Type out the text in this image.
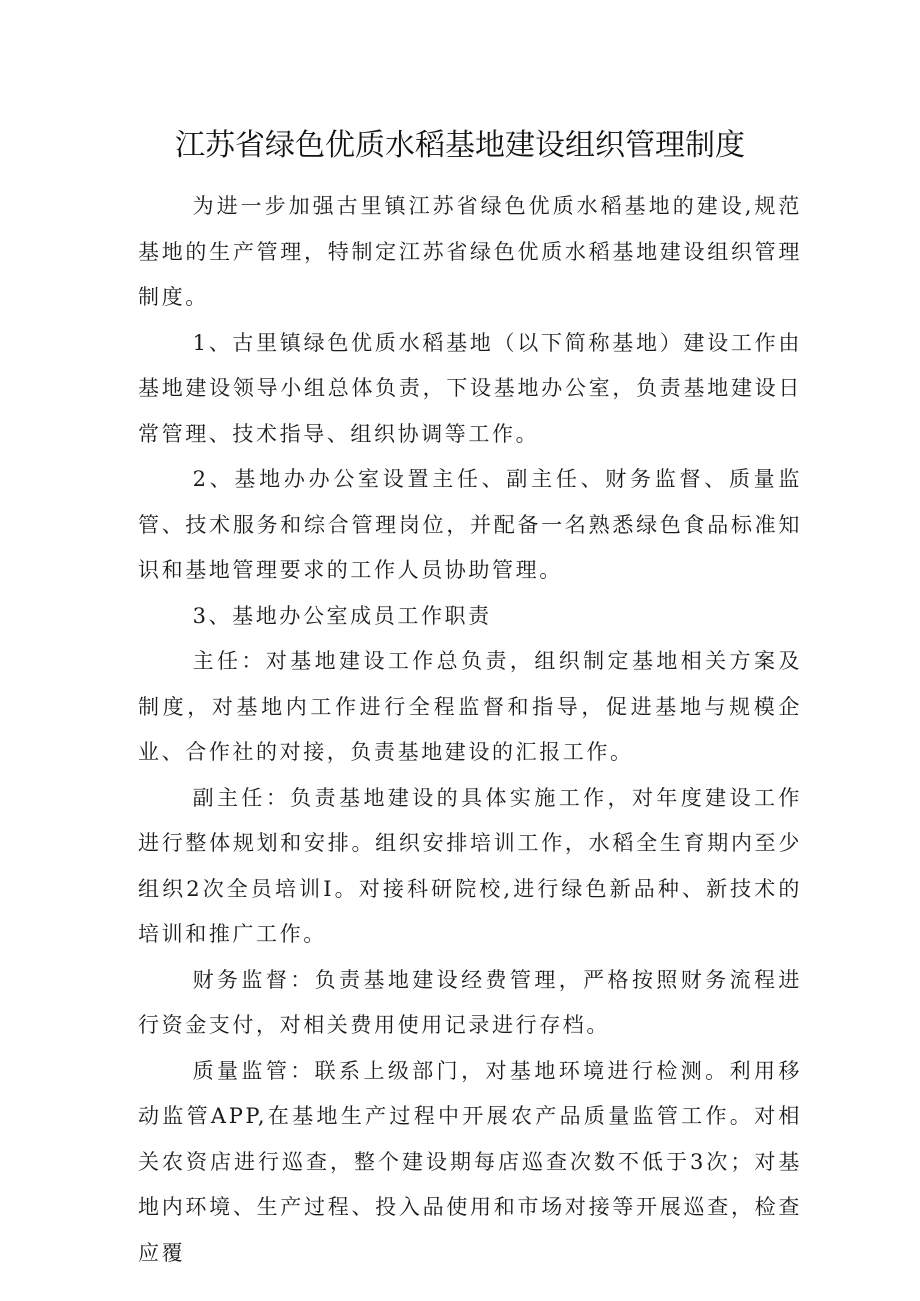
江苏省绿色优质水稻基地建设组织管理制度

为进一步加强古里镇江苏省绿色优质水稻基地的建设,规范基地的生产管理，特制定江苏省绿色优质水稻基地建设组织管理制度。

1、古里镇绿色优质水稻基地（以下简称基地）建设工作由基地建设领导小组总体负责，下设基地办公室，负责基地建设日常管理、技术指导、组织协调等工作。

2、基地办办公室设置主任、副主任、财务监督、质量监管、技术服务和综合管理岗位，并配备一名熟悉绿色食品标准知识和基地管理要求的工作人员协助管理。

3、基地办公室成员工作职责

主任：对基地建设工作总负责，组织制定基地相关方案及制度，对基地内工作进行全程监督和指导，促进基地与规模企业、合作社的对接，负责基地建设的汇报工作。

副主任：负责基地建设的具体实施工作，对年度建设工作进行整体规划和安排。组织安排培训工作，水稻全生育期内至少组织2次全员培训I。对接科研院校,进行绿色新品种、新技术的培训和推广工作。

财务监督：负责基地建设经费管理，严格按照财务流程进行资金支付，对相关费用使用记录进行存档。

质量监管：联系上级部门，对基地环境进行检测。利用移动监管APP,在基地生产过程中开展农产品质量监管工作。对相关农资店进行巡查，整个建设期每店巡查次数不低于3次；对基地内环境、生产过程、投入品使用和市场对接等开展巡查，检查应覆
